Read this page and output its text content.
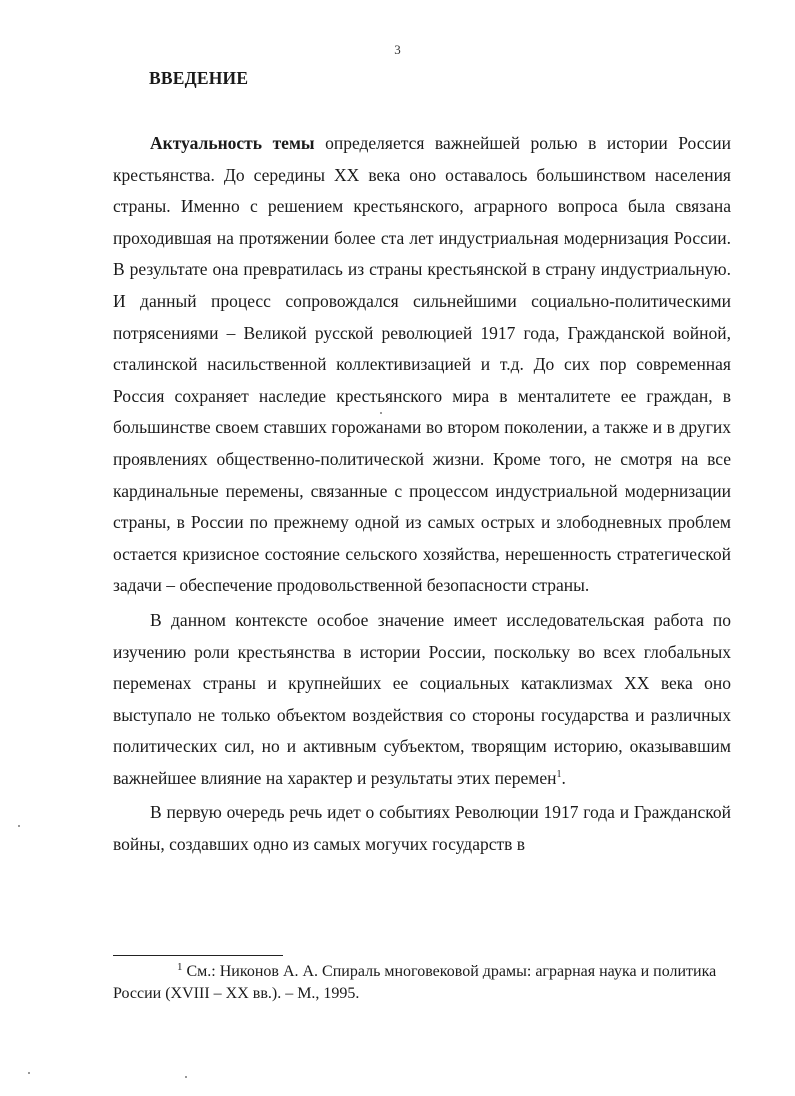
3
ВВЕДЕНИЕ

Актуальность темы определяется важнейшей ролью в истории России крестьянства. До середины XX века оно оставалось большинством населения страны. Именно с решением крестьянского, аграрного вопроса была связана проходившая на протяжении более ста лет индустриальная модернизация России. В результате она превратилась из страны крестьянской в страну индустриальную. И данный процесс сопровождался сильнейшими социально-политическими потрясениями – Великой русской революцией 1917 года, Гражданской войной, сталинской насильственной коллективизацией и т.д. До сих пор современная Россия сохраняет наследие крестьянского мира в менталитете ее граждан, в большинстве своем ставших горожанами во втором поколении, а также и в других проявлениях общественно-политической жизни. Кроме того, не смотря на все кардинальные перемены, связанные с процессом индустриальной модернизации страны, в России по прежнему одной из самых острых и злободневных проблем остается кризисное состояние сельского хозяйства, нерешенность стратегической задачи – обеспечение продовольственной безопасности страны.

В данном контексте особое значение имеет исследовательская работа по изучению роли крестьянства в истории России, поскольку во всех глобальных переменах страны и крупнейших ее социальных катаклизмах XX века оно выступало не только объектом воздействия со стороны государства и различных политических сил, но и активным субъектом, творящим историю, оказывавшим важнейшее влияние на характер и результаты этих перемен$^1$.

В первую очередь речь идет о событиях Революции 1917 года и Гражданской войны, создавших одно из самых могучих государств в

$^1$ См.: Никонов А. А. Спираль многовековой драмы: аграрная наука и политика России (XVIII – XX вв.). – М., 1995.
